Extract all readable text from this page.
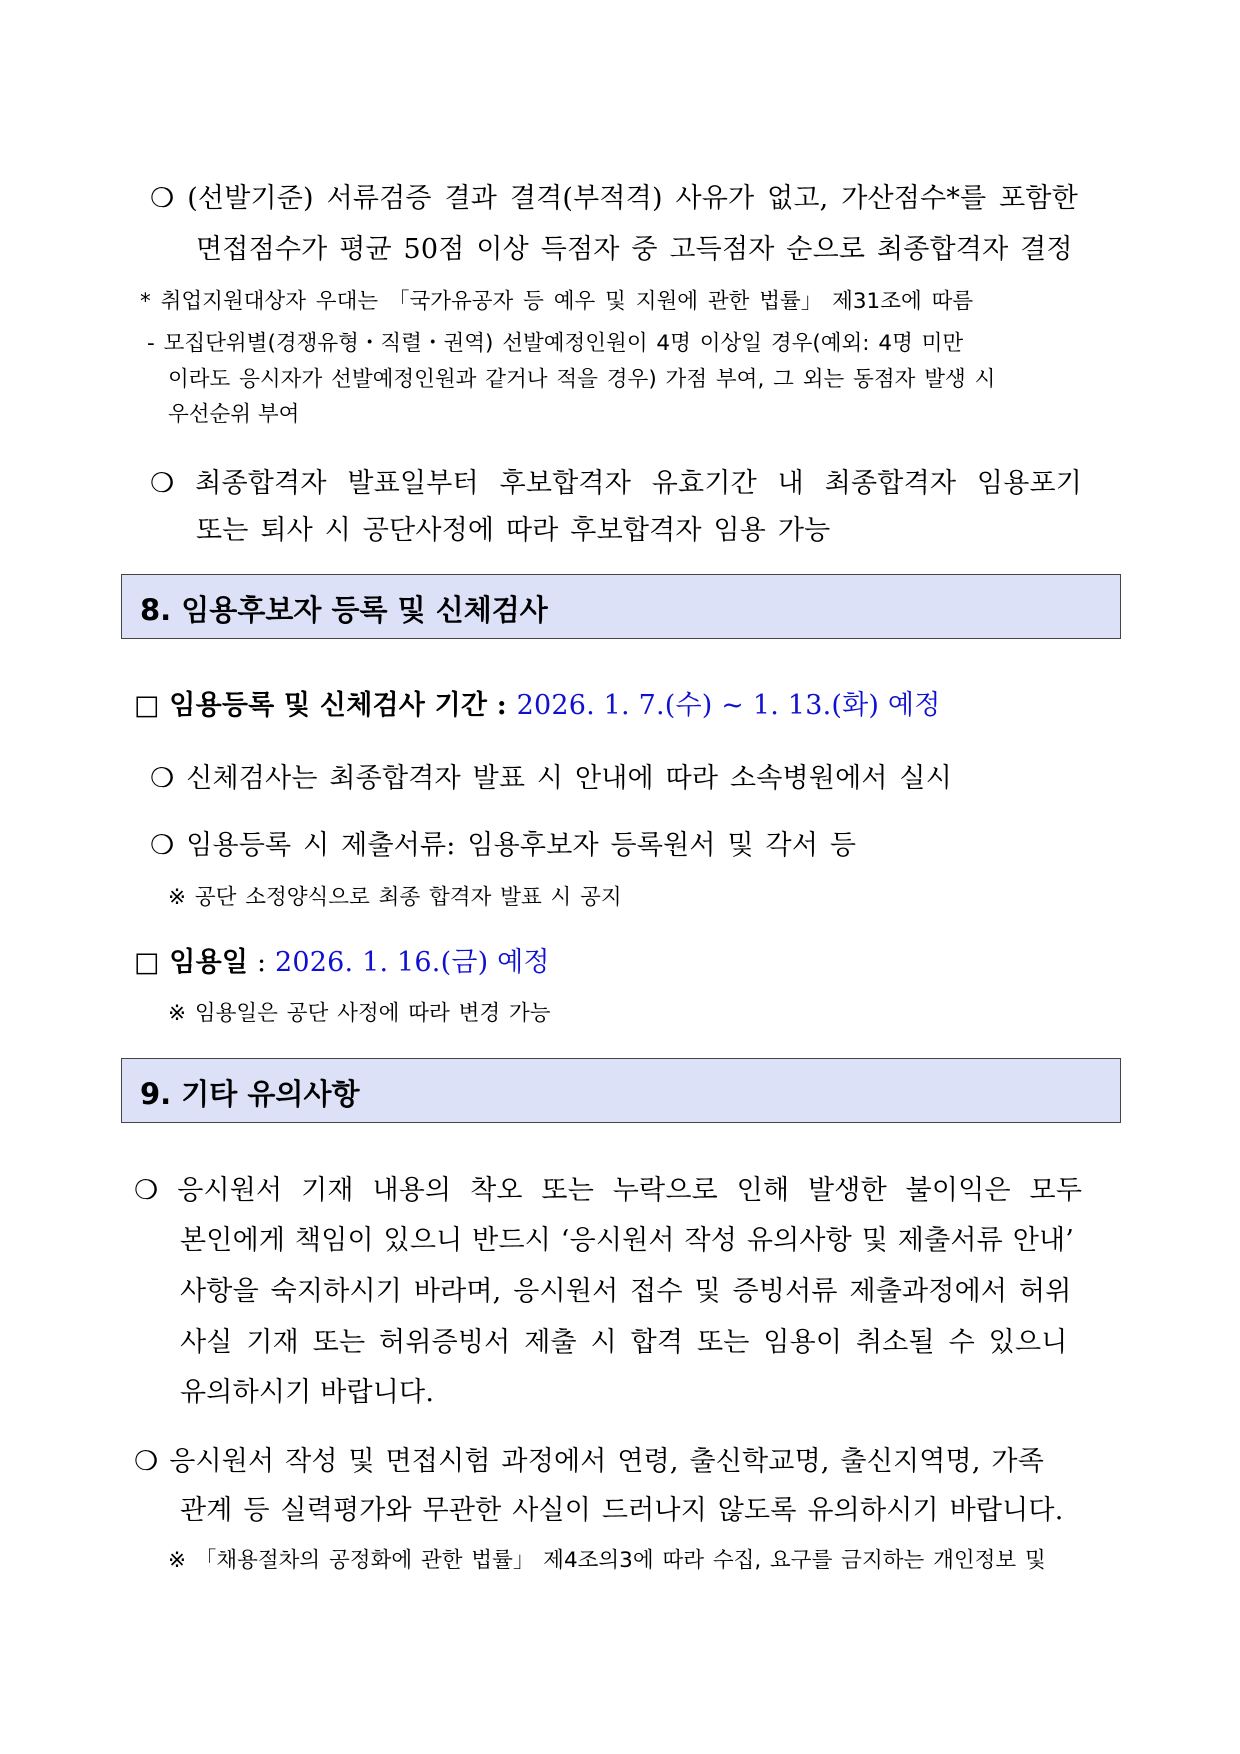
❍ (선발기준) 서류검증 결과 결격(부적격) 사유가 없고, 가산점수*를 포함한
면접점수가 평균 50점 이상 득점자 중 고득점자 순으로 최종합격자 결정
* 취업지원대상자 우대는 「국가유공자 등 예우 및 지원에 관한 법률」 제31조에 따름
- 모집단위별(경쟁유형・직렬・권역) 선발예정인원이 4명 이상일 경우(예외: 4명 미만
이라도 응시자가 선발예정인원과 같거나 적을 경우) 가점 부여, 그 외는 동점자 발생 시
우선순위 부여
❍ 최종합격자 발표일부터 후보합격자 유효기간 내 최종합격자 임용포기
또는 퇴사 시 공단사정에 따라 후보합격자 임용 가능
8. 임용후보자 등록 및 신체검사
□ 임용등록 및 신체검사 기간 : 2026. 1. 7.(수) ~ 1. 13.(화) 예정
❍ 신체검사는 최종합격자 발표 시 안내에 따라 소속병원에서 실시
❍ 임용등록 시 제출서류: 임용후보자 등록원서 및 각서 등
※ 공단 소정양식으로 최종 합격자 발표 시 공지
□ 임용일 : 2026. 1. 16.(금) 예정
※ 임용일은 공단 사정에 따라 변경 가능
9. 기타 유의사항
❍ 응시원서 기재 내용의 착오 또는 누락으로 인해 발생한 불이익은 모두
본인에게 책임이 있으니 반드시 ‘응시원서 작성 유의사항 및 제출서류 안내’
사항을 숙지하시기 바라며, 응시원서 접수 및 증빙서류 제출과정에서 허위
사실 기재 또는 허위증빙서 제출 시 합격 또는 임용이 취소될 수 있으니
유의하시기 바랍니다.
❍ 응시원서 작성 및 면접시험 과정에서 연령, 출신학교명, 출신지역명, 가족
관계 등 실력평가와 무관한 사실이 드러나지 않도록 유의하시기 바랍니다.
※ 「채용절차의 공정화에 관한 법률」 제4조의3에 따라 수집, 요구를 금지하는 개인정보 및
